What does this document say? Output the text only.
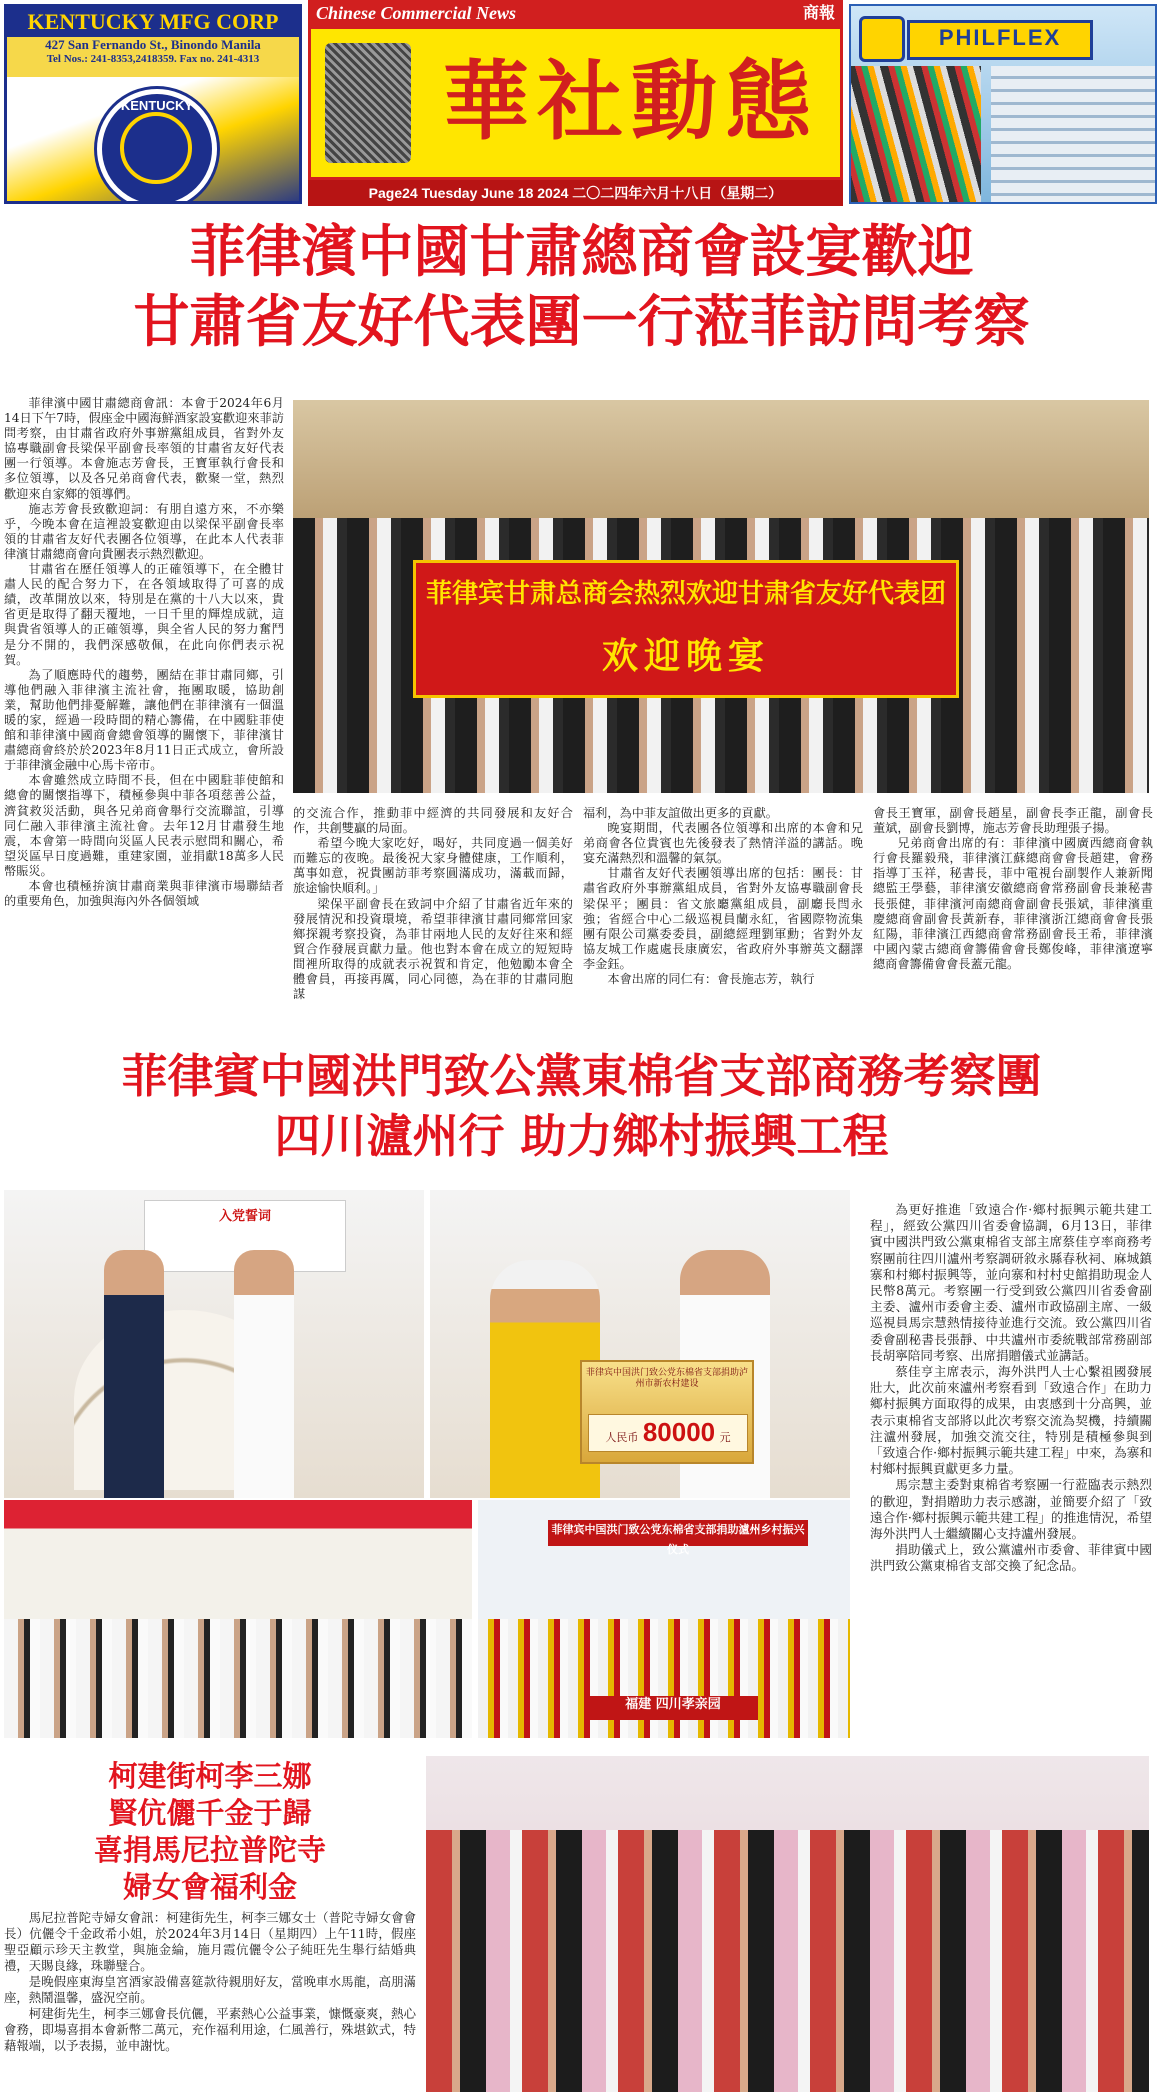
KENTUCKY MFG CORP
427 San Fernando St., Binondo Manila
Tel Nos.: 241-8353,2418359. Fax no. 241-4313
KENTUCKY
Chinese Commercial News	商報
華社動態
Page24 Tuesday June 18 2024 二〇二四年六月十八日（星期二）
PHILFLEX
菲律濱中國甘肅總商會設宴歡迎
甘肅省友好代表團一行蒞菲訪問考察

菲律濱中國甘肅總商會訊：本會于2024年6月14日下午7時，假座金中國海鮮酒家設宴歡迎來菲訪問考察，由甘肅省政府外事辦黨組成員，省對外友協專職副會長梁保平副會長率領的甘肅省友好代表團一行領導。本會施志芳會長，王寶軍執行會長和多位領導，以及各兄弟商會代表，歡聚一堂，熱烈歡迎來自家鄉的領導們。

施志芳會長致歡迎詞：有朋自遠方來，不亦樂乎，今晚本會在這裡設宴歡迎由以梁保平副會長率領的甘肅省友好代表團各位領導，在此本人代表菲律濱甘肅總商會向貴團表示熱烈歡迎。

甘肅省在歷任領導人的正確領導下，在全體甘肅人民的配合努力下，在各領域取得了可喜的成績，改革開放以來，特別是在黨的十八大以來，貴省更是取得了翻天覆地，一日千里的輝煌成就，這與貴省領導人的正確領導，與全省人民的努力奮鬥是分不開的，我們深感敬佩，在此向你們表示祝賀。

為了順應時代的趨勢，團結在菲甘肅同鄉，引導他們融入菲律濱主流社會，拖團取暖，協助創業，幫助他們排憂解難，讓他們在菲律濱有一個溫暖的家，經過一段時間的精心籌備，在中國駐菲使館和菲律濱中國商會總會領導的關懷下，菲律濱甘肅總商會終於於2023年8月11日正式成立，會所設于菲律濱金融中心馬卡帝市。

本會雖然成立時間不長，但在中國駐菲使館和總會的關懷指導下，積極參與中菲各項慈善公益，濟貧救災活動，與各兄弟商會舉行交流聯誼，引導同仁融入菲律濱主流社會。去年12月甘肅發生地震，本會第一時間向災區人民表示慰問和關心，希望災區早日度過難，重建家園，並捐獻18萬多人民幣賑災。

本會也積極拚演甘肅商業與菲律濱市場聯結者的重要角色，加強與海內外各個領域

菲律宾甘肃总商会热烈欢迎甘肃省友好代表团
欢迎晚宴

的交流合作，推動菲中經濟的共同發展和友好合作，共創雙贏的局面。

希望今晚大家吃好，喝好，共同度過一個美好而難忘的夜晚。最後祝大家身體健康，工作順利，萬事如意，祝貴團訪菲考察圓滿成功，滿載而歸，旅途愉快順利。」

梁保平副會長在致詞中介紹了甘肅省近年來的發展情況和投資環境，希望菲律濱甘肅同鄉常回家鄉探親考察投資，為菲甘兩地人民的友好往來和經貿合作發展貢獻力量。他也對本會在成立的短短時間裡所取得的成就表示祝賀和肯定，他勉勵本會全體會員，再接再厲，同心同德，為在菲的甘肅同胞謀

福利，為中菲友誼做出更多的貢獻。

晚宴期間，代表團各位領導和出席的本會和兄弟商會各位貴賓也先後發表了熱情洋溢的講話。晚宴充滿熱烈和溫馨的氣氛。

甘肅省友好代表團領導出席的包括：團長：甘肅省政府外事辦黨組成員，省對外友協專職副會長梁保平；團員：省文旅廳黨組成員，副廳長閆永強；省經合中心二級巡視員蘭永紅，省國際物流集團有限公司黨委委員，副總經理劉軍勳；省對外友協友城工作處處長康廣宏，省政府外事辦英文翻譯李金鈺。

本會出席的同仁有：會長施志芳，執行

會長王寶軍，副會長趙星，副會長李正龍，副會長董斌，副會長劉博，施志芳會長助理張子揚。

兄弟商會出席的有：菲律濱中國廣西總商會執行會長羅毅飛，菲律濱江蘇總商會會長趙建，會務指導丁玉祥，秘書長，菲中電視台副製作人兼新聞總監王學藝，菲律濱安徽總商會常務副會長兼秘書長張健，菲律濱河南總商會副會長張斌，菲律濱重慶總商會副會長黃新春，菲律濱浙江總商會會長張紅陽，菲律濱江西總商會常務副會長王希，菲律濱中國內蒙古總商會籌備會會長鄭俊峰，菲律濱遼寧總商會籌備會會長蓋元龍。

菲律賓中國洪門致公黨東棉省支部商務考察團
四川瀘州行 助力鄉村振興工程
入党誓词
菲律宾中国洪门致公党东棉省支部捐助泸州市新农村建设
人民币 80000 元
菲律宾中国洪门致公党东棉省支部捐助瀘州乡村振兴仪式
福建 四川孝亲园

為更好推進「致遠合作·鄉村振興示範共建工程」，經致公黨四川省委會協調，6月13日，菲律賓中國洪門致公黨東棉省支部主席蔡佳亨率商務考察團前往四川瀘州考察調研敘永縣春秋祠、麻城鎮寨和村鄉村振興等，並向寨和村村史館捐助現金人民幣8萬元。考察團一行受到致公黨四川省委會副主委、瀘州市委會主委、瀘州市政協副主席、一級巡視員馬宗慧熱情接待並進行交流。致公黨四川省委會副秘書長張靜、中共瀘州市委統戰部常務副部長胡寧陪同考察、出席捐贈儀式並講話。

蔡佳亨主席表示，海外洪門人士心繫祖國發展壯大，此次前來瀘州考察看到「致遠合作」在助力鄉村振興方面取得的成果，由衷感到十分高興，並表示東棉省支部將以此次考察交流為契機，持續關注瀘州發展，加強交流交往，特別是積極參與到「致遠合作·鄉村振興示範共建工程」中來，為寨和村鄉村振興貢獻更多力量。

馬宗慧主委對東棉省考察團一行蒞臨表示熱烈的歡迎，對捐贈助力表示感謝，並簡要介紹了「致遠合作·鄉村振興示範共建工程」的推進情況，希望海外洪門人士繼續關心支持瀘州發展。

捐助儀式上，致公黨瀘州市委會、菲律賓中國洪門致公黨東棉省支部交換了紀念品。

柯建街柯李三娜
賢伉儷千金于歸
喜捐馬尼拉普陀寺
婦女會福利金

馬尼拉普陀寺婦女會訊：柯建街先生，柯李三娜女士（普陀寺婦女會會長）伉儷令千金政希小姐，於2024年3月14日（星期四）上午11時，假座聖亞顧示珍天主教堂，與施金綸，施月霞伉儷令公子純旺先生舉行結婚典禮，天賜良緣，珠聯璧合。

是晚假座東海皇宮酒家設備喜筵款待親朋好友，當晚車水馬龍，高朋滿座，熱鬧溫馨，盛況空前。

柯建街先生，柯李三娜會長伉儷，平素熱心公益事業，慷慨豪爽，熱心會務，即場喜捐本會新幣二萬元，充作福利用途，仁風善行，殊堪欽式，特藉報端，以予表揚，並申謝忱。
